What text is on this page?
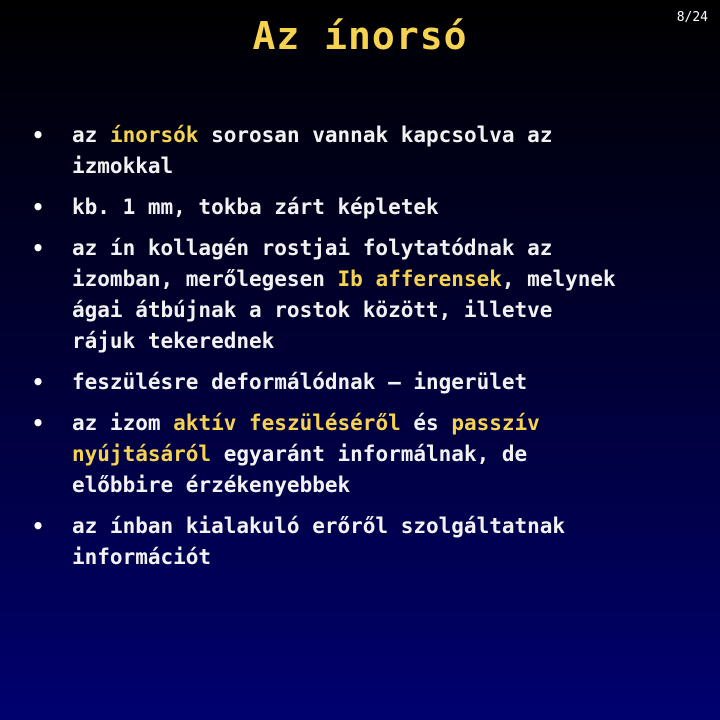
Az ínorsó	8/24
• az ínorsók sorosan vannak kapcsolva az izmokkal
• kb. 1 mm, tokba zárt képletek
• az ín kollagén rostjai folytatódnak az izomban, merőlegesen Ib afferensek, melynek ágai átbújnak a rostok között, illetve rájuk tekerednek
• feszülésre deformálódnak – ingerület
• az izom aktív feszüléséről és passzív nyújtásáról egyaránt informálnak, de előbbire érzékenyebbek
• az ínban kialakuló erőről szolgáltatnak információt
